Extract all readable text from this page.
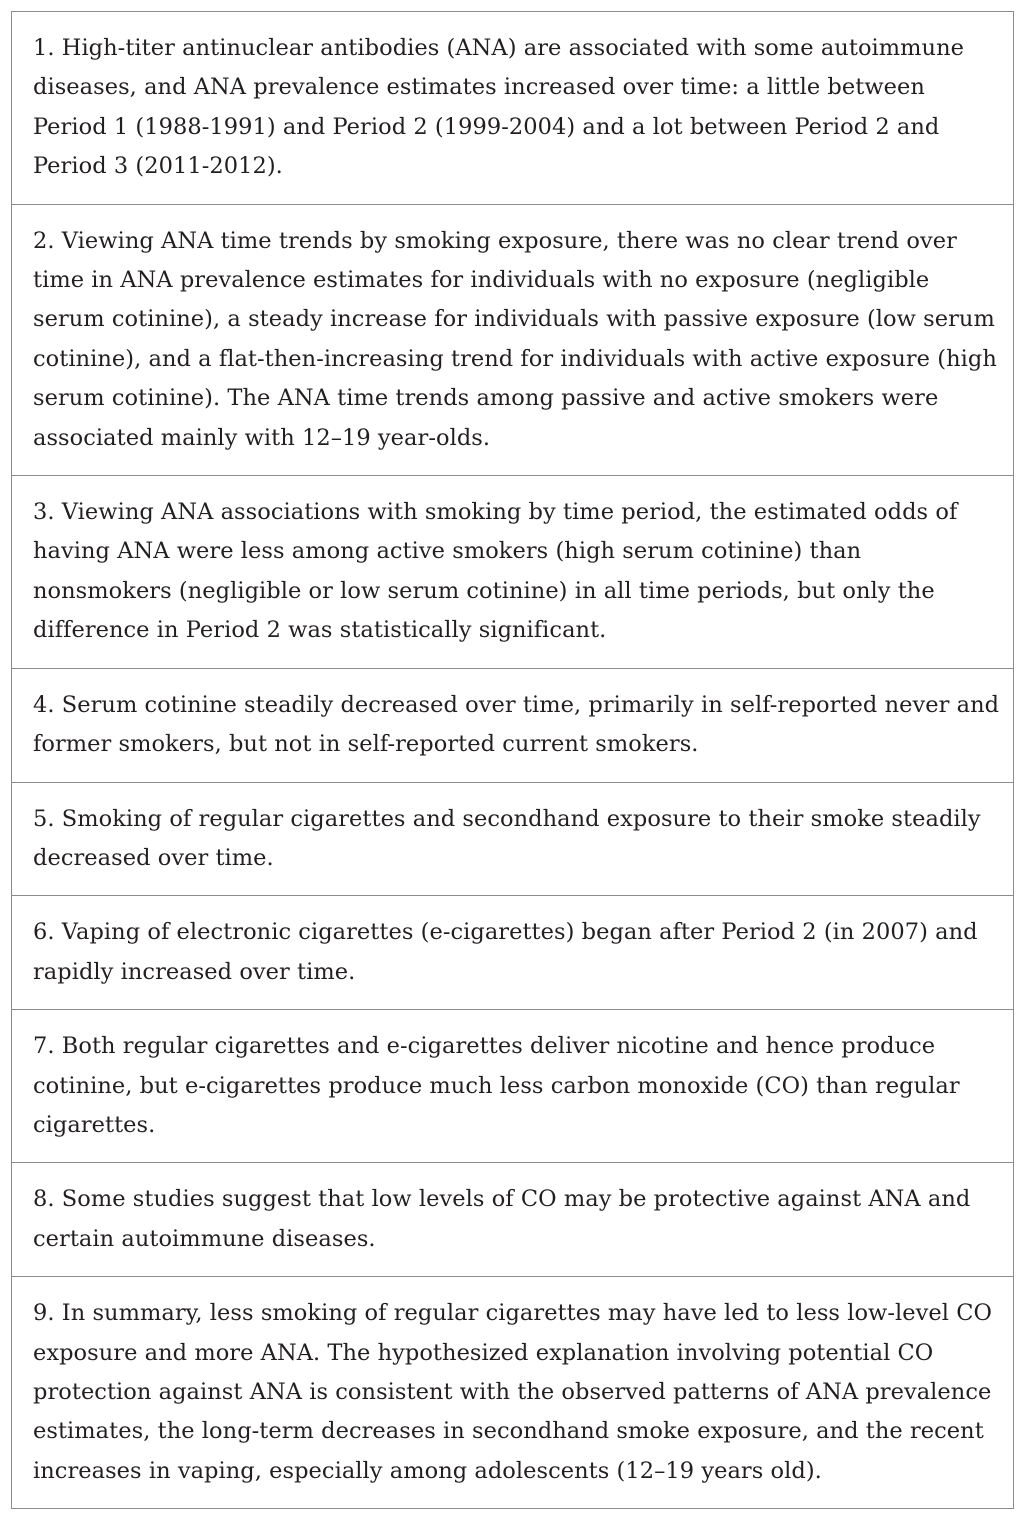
1. High-titer antinuclear antibodies (ANA) are associated with some autoimmune diseases, and ANA prevalence estimates increased over time: a little between Period 1 (1988-1991) and Period 2 (1999-2004) and a lot between Period 2 and Period 3 (2011-2012).

2. Viewing ANA time trends by smoking exposure, there was no clear trend over time in ANA prevalence estimates for individuals with no exposure (negligible serum cotinine), a steady increase for individuals with passive exposure (low serum cotinine), and a flat-then-increasing trend for individuals with active exposure (high serum cotinine). The ANA time trends among passive and active smokers were associated mainly with 12–19 year-olds.

3. Viewing ANA associations with smoking by time period, the estimated odds of having ANA were less among active smokers (high serum cotinine) than nonsmokers (negligible or low serum cotinine) in all time periods, but only the difference in Period 2 was statistically significant.

4. Serum cotinine steadily decreased over time, primarily in self-reported never and former smokers, but not in self-reported current smokers.

5. Smoking of regular cigarettes and secondhand exposure to their smoke steadily decreased over time.

6. Vaping of electronic cigarettes (e-cigarettes) began after Period 2 (in 2007) and rapidly increased over time.

7. Both regular cigarettes and e-cigarettes deliver nicotine and hence produce cotinine, but e-cigarettes produce much less carbon monoxide (CO) than regular cigarettes.

8. Some studies suggest that low levels of CO may be protective against ANA and certain autoimmune diseases.

9. In summary, less smoking of regular cigarettes may have led to less low-level CO exposure and more ANA. The hypothesized explanation involving potential CO protection against ANA is consistent with the observed patterns of ANA prevalence estimates, the long-term decreases in secondhand smoke exposure, and the recent increases in vaping, especially among adolescents (12–19 years old).
